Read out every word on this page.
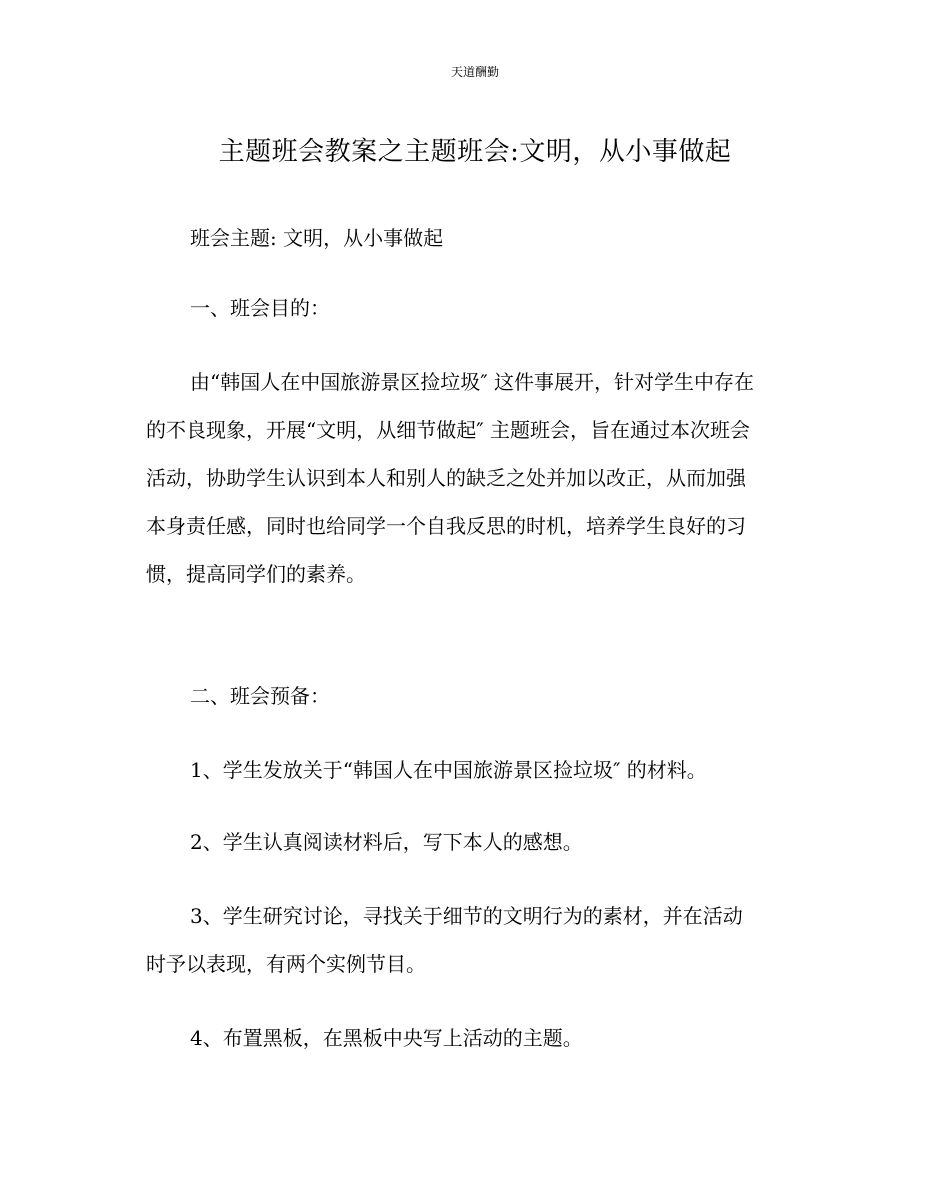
天道酬勤
主题班会教案之主题班会:文明，从小事做起

班会主题: 文明，从小事做起

一、班会目的：

由“韩国人在中国旅游景区捡垃圾″ 这件事展开，针对学生中存在

的不良现象，开展“文明，从细节做起″ 主题班会，旨在通过本次班会

活动，协助学生认识到本人和别人的缺乏之处并加以改正，从而加强

本身责任感，同时也给同学一个自我反思的时机，培养学生良好的习

惯，提高同学们的素养。

二、班会预备：

1、学生发放关于“韩国人在中国旅游景区捡垃圾″ 的材料。

2、学生认真阅读材料后，写下本人的感想。

3、学生研究讨论，寻找关于细节的文明行为的素材，并在活动

时予以表现，有两个实例节目。

4、布置黑板，在黑板中央写上活动的主题。
